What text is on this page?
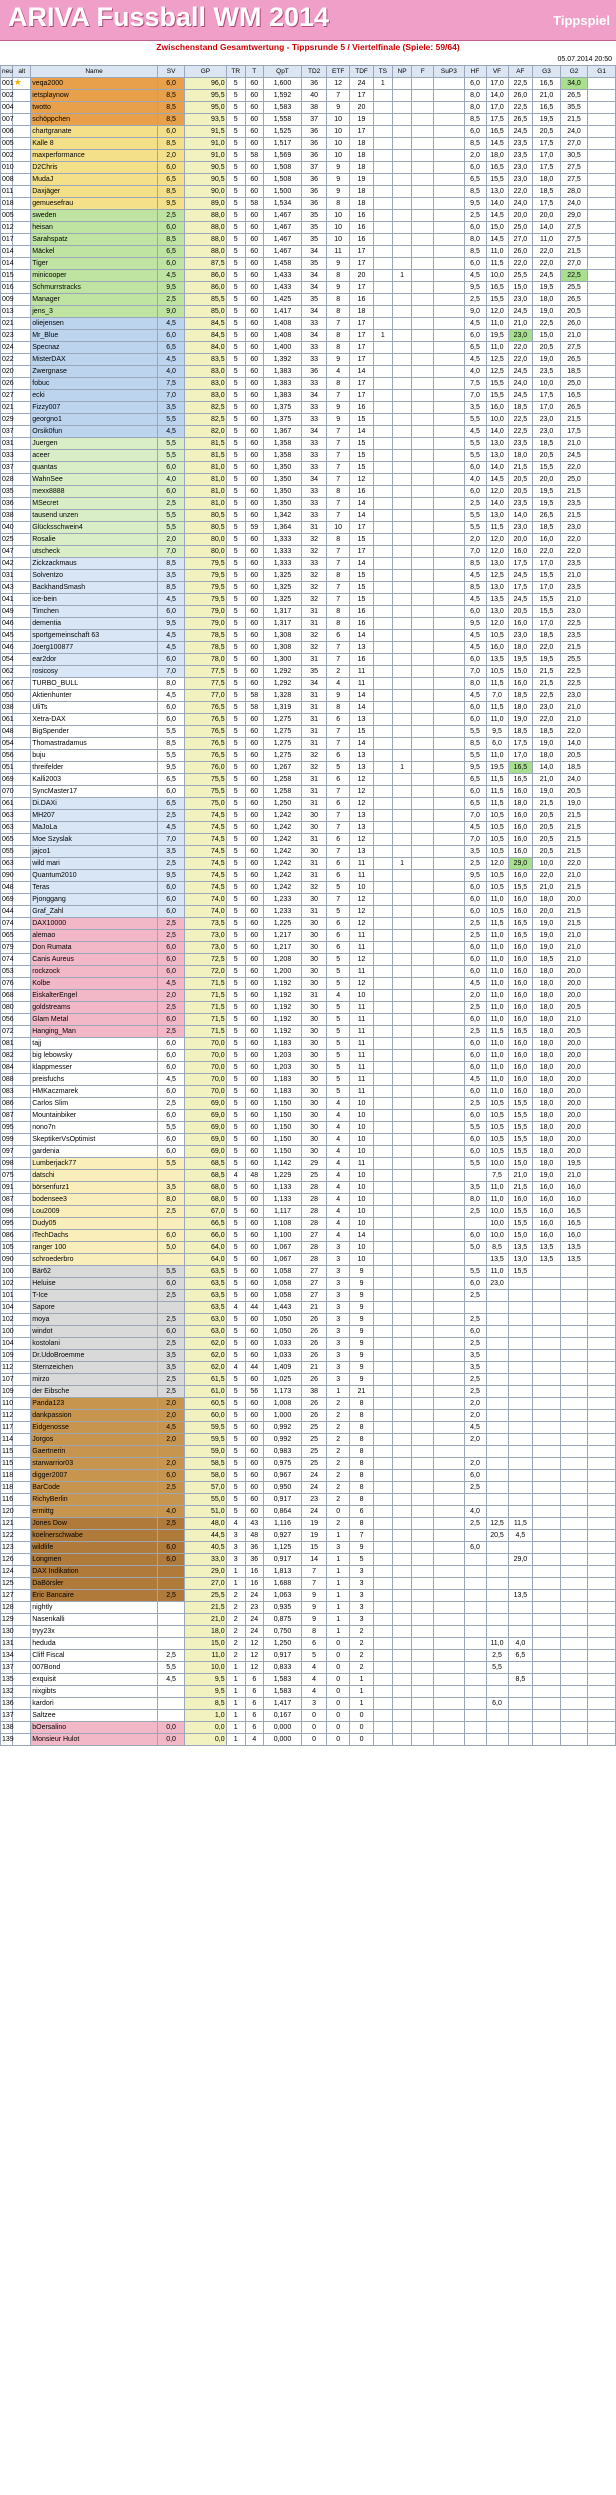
ARIVA Fussball WM 2014	Tippspiel
Zwischenstand Gesamtwertung - Tippsrunde 5 / Viertelfinale (Spiele: 59/64)
05.07.2014 20:50
neu	alt	Name	SV	GP	TR	T	QpT	TD2	ETF	TDF	TS	NP	F	SuP3	HF	VF	AF	G3	G2	G1
001★		veqa2000	6,0	96,0	5	60	1,600	36	12	24	1				6,0	17,0	22,5	16,5	34,0	
002		ietsplaynow	8,5	95,5	5	60	1,592	40	7	17					8,0	14,0	26,0	21,0	26,5	
004		twotto	8,5	95,0	5	60	1,583	38	9	20					8,0	17,0	22,5	16,5	35,5	
007		schöppchen	8,5	93,5	5	60	1,558	37	10	19					8,5	17,5	26,5	19,5	21,5	
006		chartgranate	6,0	91,5	5	60	1,525	36	10	17					6,0	16,5	24,5	20,5	24,0	
005		Kalle 8	8,5	91,0	5	60	1,517	36	10	18					8,5	14,5	23,5	17,5	27,0	
002		maxperformance	2,0	91,0	5	58	1,569	36	10	18					2,0	18,0	23,5	17,0	30,5	
010		D2Chris	6,0	90,5	5	60	1,508	37	9	18					6,0	16,5	23,0	17,5	27,5	
008		MudaJ	6,5	90,5	5	60	1,508	36	9	19					6,5	15,5	23,0	18,0	27,5	
011		Daxjäger	8,5	90,0	5	60	1,500	36	9	18					8,5	13,0	22,0	18,5	28,0	
018		gemuesefrau	9,5	89,0	5	58	1,534	36	8	18					9,5	14,0	24,0	17,5	24,0	
005		sweden	2,5	88,0	5	60	1,467	35	10	16					2,5	14,5	20,0	20,0	29,0	
012		heisan	6,0	88,0	5	60	1,467	35	10	16					6,0	15,0	25,0	14,0	27,5	
017		Sarahspatz	8,5	88,0	5	60	1,467	35	10	16					8,0	14,5	27,0	11,0	27,5	
014		Mäckel	6,5	88,0	5	60	1,467	34	11	17					8,5	11,0	26,0	22,0	21,5	
014		Tiger	6,0	87,5	5	60	1,458	35	9	17					6,0	11,5	22,0	22,0	27,0	
015		minicooper	4,5	86,0	5	60	1,433	34	8	20		1			4,5	10,0	25,5	24,5	22,5	
016		Schmurrstracks	9,5	86,0	5	60	1,433	34	9	17					9,5	16,5	15,0	19,5	25,5	
009		Manager	2,5	85,5	5	60	1,425	35	8	16					2,5	15,5	23,0	18,0	26,5	
013		jens_3	9,0	85,0	5	60	1,417	34	8	18					9,0	12,0	24,5	19,0	20,5	
021		oliejensen	4,5	84,5	5	60	1,408	33	7	17					4,5	11,0	21,0	22,5	26,0	
023		Mr_Blue	6,0	84,5	5	60	1,408	34	8	17	1				6,0	19,5	23,0	15,0	21,0	
024		Specnaz	6,5	84,0	5	60	1,400	33	8	17					6,5	11,0	22,0	20,5	27,5	
022		MisterDAX	4,5	83,5	5	60	1,392	33	9	17					4,5	12,5	22,0	19,0	26,5	
020		Zwergnase	4,0	83,0	5	60	1,383	36	4	14					4,0	12,5	24,5	23,5	18,5	
026		fobuc	7,5	83,0	5	60	1,383	33	8	17					7,5	15,5	24,0	10,0	25,0	
027		ecki	7,0	83,0	5	60	1,383	34	7	17					7,0	15,5	24,5	17,5	16,5	
021		Fizzy007	3,5	82,5	5	60	1,375	33	9	16					3,5	16,0	18,5	17,0	26,5	
029		georgno1	5,5	82,5	5	60	1,375	33	9	15					5,5	10,0	22,5	23,0	21,5	
037		Orsik0fun	4,5	82,0	5	60	1,367	34	7	14					4,5	14,0	22,5	23,0	17,5	
031		Juergen	5,5	81,5	5	60	1,358	33	7	15					5,5	13,0	23,5	18,5	21,0	
033		aceer	5,5	81,5	5	60	1,358	33	7	15					5,5	13,0	18,0	20,5	24,5	
037		quantas	6,0	81,0	5	60	1,350	33	7	15					6,0	14,0	21,5	15,5	22,0	
028		WahnSee	4,0	81,0	5	60	1,350	34	7	12					4,0	14,5	20,5	20,0	25,0	
035		mexx8888	6,0	81,0	5	60	1,350	33	8	16					6,0	12,0	20,5	19,5	21,5	
036		MSecret	2,5	81,0	5	60	1,350	33	7	14					2,5	14,0	23,5	19,5	23,5	
038		tausend unzen	5,5	80,5	5	60	1,342	33	7	14					5,5	13,0	14,0	26,5	21,5	
040		Glücksschwein4	5,5	80,5	5	59	1,364	31	10	17					5,5	11,5	23,0	18,5	23,0	
025		Rosalie	2,0	80,0	5	60	1,333	32	8	15					2,0	12,0	20,0	16,0	22,0	
047		utscheck	7,0	80,0	5	60	1,333	32	7	17					7,0	12,0	16,0	22,0	22,0	
042		Zickzackmaus	8,5	79,5	5	60	1,333	33	7	14					8,5	13,0	17,5	17,0	23,5	
031		Solventzo	3,5	79,5	5	60	1,325	32	8	15					4,5	12,5	24,5	15,5	21,0	
043		BackhandSmash	8,5	79,5	5	60	1,325	32	7	15					8,5	13,0	17,5	17,0	23,5	
041		ice-bein	4,5	79,5	5	60	1,325	32	7	15					4,5	13,5	24,5	15,5	21,0	
049		Timchen	6,0	79,0	5	60	1,317	31	8	16					6,0	13,0	20,5	15,5	23,0	
046		dementia	9,5	79,0	5	60	1,317	31	8	16					9,5	12,0	16,0	17,0	22,5	
045		sportgemeinschaft 63	4,5	78,5	5	60	1,308	32	6	14					4,5	10,5	23,0	18,5	23,5	
046		Joerg100877	4,5	78,5	5	60	1,308	32	7	13					4,5	16,0	18,0	22,0	21,5	
054		ear2dor	6,0	78,0	5	60	1,300	31	7	16					6,0	13,5	19,5	19,5	25,5	
062		rosicosy	7,0	77,5	5	60	1,292	35	2	11					7,0	10,5	15,0	21,5	22,5	
067		TURBO_BULL	8,0	77,5	5	60	1,292	34	4	11					8,0	11,5	16,0	21,5	22,5	
050		Aktienhunter	4,5	77,0	5	58	1,328	31	9	14					4,5	7,0	18,5	22,5	23,0	
038		UliTs	6,0	76,5	5	58	1,319	31	8	14					6,0	11,5	18,0	23,0	21,0	
061		Xetra-DAX	6,0	76,5	5	60	1,275	31	6	13					6,0	11,0	19,0	22,0	21,0	
048		BigSpender	5,5	76,5	5	60	1,275	31	7	15					5,5	9,5	18,5	18,5	22,0	
054		Thomastradamus	8,5	76,5	5	60	1,275	31	7	14					8,5	6,0	17,5	19,0	14,0	
056		buju	5,5	76,5	5	60	1,275	32	6	13					5,5	11,0	17,0	18,0	20,5	
051		threifelder	9,5	76,0	5	60	1,267	32	5	13		1			9,5	19,5	16,5	14,0	18,5	
069		Kalli2003	6,5	75,5	5	60	1,258	31	6	12					6,5	11,5	16,5	21,0	24,0	
070		SyncMaster17	6,0	75,5	5	60	1,258	31	7	12					6,0	11,5	16,0	19,0	20,5	
061		Di.DAXi	6,5	75,0	5	60	1,250	31	6	12					6,5	11,5	18,0	21,5	19,0	
063		MH207	2,5	74,5	5	60	1,242	30	7	13					7,0	10,5	16,0	20,5	21,5	
063		MaJoLa	4,5	74,5	5	60	1,242	30	7	13					4,5	10,5	16,0	20,5	21,5	
065		Moe Szyslak	7,0	74,5	5	60	1,242	31	6	12					7,0	10,5	16,0	20,5	21,5	
055		jajco1	3,5	74,5	5	60	1,242	30	7	13					3,5	10,5	16,0	20,5	21,5	
063		wild mari	2,5	74,5	5	60	1,242	31	6	11		1			2,5	12,0	29,0	10,0	22,0	
090		Quantum2010	9,5	74,5	5	60	1,242	31	6	11					9,5	10,5	16,0	22,0	21,0	
048		Teras	6,0	74,5	5	60	1,242	32	5	10					6,0	10,5	15,5	21,0	21,5	
069		Pjonggang	6,0	74,0	5	60	1,233	30	7	12					6,0	11,0	16,0	18,0	20,0	
044		Graf_Zahl	6,0	74,0	5	60	1,233	31	5	12					6,0	10,5	16,0	20,0	21,5	
074		DAX10000	2,5	73,5	5	60	1,225	30	6	12					2,5	11,5	16,5	19,0	21,5	
065		alemao	2,5	73,0	5	60	1,217	30	6	11					2,5	11,0	16,5	19,0	21,0	
079		Don Rumata	6,0	73,0	5	60	1,217	30	6	11					6,0	11,0	16,0	19,0	21,0	
074		Canis Aureus	6,0	72,5	5	60	1,208	30	5	12					6,0	11,0	16,0	18,5	21,0	
053		rockzock	6,0	72,0	5	60	1,200	30	5	11					6,0	11,0	16,0	18,0	20,0	
076		Kolbe	4,5	71,5	5	60	1,192	30	5	12					4,5	11,0	16,0	18,0	20,0	
068		EiskalterEngel	2,0	71,5	5	60	1,192	31	4	10					2,0	11,0	16,0	18,0	20,0	
080		goldstreams	2,5	71,5	5	60	1,192	30	5	11					2,5	11,0	16,0	18,0	20,5	
056		Glam Metal	6,0	71,5	5	60	1,192	30	5	11					6,0	11,0	16,0	18,0	21,0	
072		Hanging_Man	2,5	71,5	5	60	1,192	30	5	11					2,5	11,5	16,5	18,0	20,5	
081		tajj	6,0	70,0	5	60	1,183	30	5	11					6,0	11,0	16,0	18,0	20,0	
082		big lebowsky	6,0	70,0	5	60	1,203	30	5	11					6,0	11,0	16,0	18,0	20,0	
084		klappmesser	6,0	70,0	5	60	1,203	30	5	11					6,0	11,0	16,0	18,0	20,0	
088		preisfuchs	4,5	70,0	5	60	1,183	30	5	11					4,5	11,0	16,0	18,0	20,0	
083		HMKaczmarek	6,0	70,0	5	60	1,183	30	5	11					6,0	11,0	16,0	18,0	20,0	
086		Carlos Slim	2,5	69,0	5	60	1,150	30	4	10					2,5	10,5	15,5	18,0	20,0	
087		Mountainbiker	6,0	69,0	5	60	1,150	30	4	10					6,0	10,5	15,5	18,0	20,0	
095		nono7n	5,5	69,0	5	60	1,150	30	4	10					5,5	10,5	15,5	18,0	20,0	
099		SkeptikerVsOptimist	6,0	69,0	5	60	1,150	30	4	10					6,0	10,5	15,5	18,0	20,0	
097		gardenia	6,0	69,0	5	60	1,150	30	4	10					6,0	10,5	15,5	18,0	20,0	
098		Lumberjack77	5,5	68,5	5	60	1,142	29	4	11					5,5	10,0	15,0	18,0	19,5	
075		datschi		68,5	4	48	1,229	25	4	10						7,5	21,0	19,0	21,0	
091		börsenfurz1	3,5	68,0	5	60	1,133	28	4	10					3,5	11,0	21,5	16,0	16,0	
087		bodensee3	8,0	68,0	5	60	1,133	28	4	10					8,0	11,0	16,0	16,0	16,0	
096		Lou2009	2,5	67,0	5	60	1,117	28	4	10					2,5	10,0	15,5	16,0	16,5	
095		Dudy05		66,5	5	60	1,108	28	4	10						10,0	15,5	16,0	16,5	
086		iTechDachs	6,0	66,0	5	60	1,100	27	4	14					6,0	10,0	15,0	16,0	16,0	
105		ranger 100	5,0	64,0	5	60	1,067	28	3	10					5,0	8,5	13,5	13,5	13,5	
090		schroederbro		64,0	5	60	1,067	28	3	10						13,5	13,0	13,5	13,5	
100		Bär62	5,5	63,5	5	60	1,058	27	3	9					5,5	11,0	15,5			
102		Heluise	6,0	63,5	5	60	1,058	27	3	9					6,0	23,0				
101		T-Ice	2,5	63,5	5	60	1,058	27	3	9					2,5					
104		Sapore		63,5	4	44	1,443	21	3	9										
102		moya	2,5	63,0	5	60	1,050	26	3	9					2,5					
100		windot	6,0	63,0	5	60	1,050	26	3	9					6,0					
104		kostolani	2,5	62,0	5	60	1,033	26	3	9					2,5					
109		Dr.UdoBroemme	3,5	62,0	5	60	1,033	26	3	9					3,5					
112		Sternzeichen	3,5	62,0	4	44	1,409	21	3	9					3,5					
107		mirzo	2,5	61,5	5	60	1,025	26	3	9					2,5					
109		der Eibsche	2,5	61,0	5	56	1,173	38	1	21					2,5					
110		Panda123	2,0	60,5	5	60	1,008	26	2	8					2,0					
112		dankpassion	2,0	60,0	5	60	1,000	26	2	8					2,0					
117		Eidgenosse	4,5	59,5	5	60	0,992	25	2	8					4,5					
114		Jorgos	2,0	59,5	5	60	0,992	25	2	8					2,0					
115		Gaertnerin		59,0	5	60	0,983	25	2	8										
115		starwarrior03	2,0	58,5	5	60	0,975	25	2	8					2,0					
118		digger2007	6,0	58,0	5	60	0,967	24	2	8					6,0					
118		BarCode	2,5	57,0	5	60	0,950	24	2	8					2,5					
116		RichyBerlin		55,0	5	60	0,917	23	2	8										
120		ermittg	4,0	51,0	5	60	0,864	24	0	6					4,0					
121		Jones Dow	2,5	48,0	4	43	1,116	19	2	8					2,5	12,5	11,5			
122		koelnerschwabe		44,5	3	48	0,927	19	1	7						20,5	4,5			
123		wildlife	6,0	40,5	3	36	1,125	15	3	9					6,0					
126		Longmen	6,0	33,0	3	36	0,917	14	1	5							29,0			
124		DAX Indikation		29,0	1	16	1,813	7	1	3										
125		DaBörsler		27,0	1	16	1,688	7	1	3										
127		Eric Bancaire	2,5	25,5	2	24	1,063	9	1	3							13,5			
128		nightly		21,5	2	23	0,935	9	1	3										
129		Nasenkalli		21,0	2	24	0,875	9	1	3										
130		tryy23x		18,0	2	24	0,750	8	1	2										
131		heduda		15,0	2	12	1,250	6	0	2						11,0	4,0			
134		Cliff Fiscal	2,5	11,0	2	12	0,917	5	0	2						2,5	6,5			
137		007Bond	5,5	10,0	1	12	0,833	4	0	2						5,5				
135		exquisit	4,5	9,5	1	6	1,583	4	0	1							8,5			
132		nixgibts		9,5	1	6	1,583	4	0	1										
136		kardori		8,5	1	6	1,417	3	0	1						6,0				
137		Saltzee		1,0	1	6	0,167	0	0	0										
138		bOersalino	0,0	0,0	1	6	0,000	0	0	0										
139		Monsieur Hulot	0,0	0,0	1	4	0,000	0	0	0										
